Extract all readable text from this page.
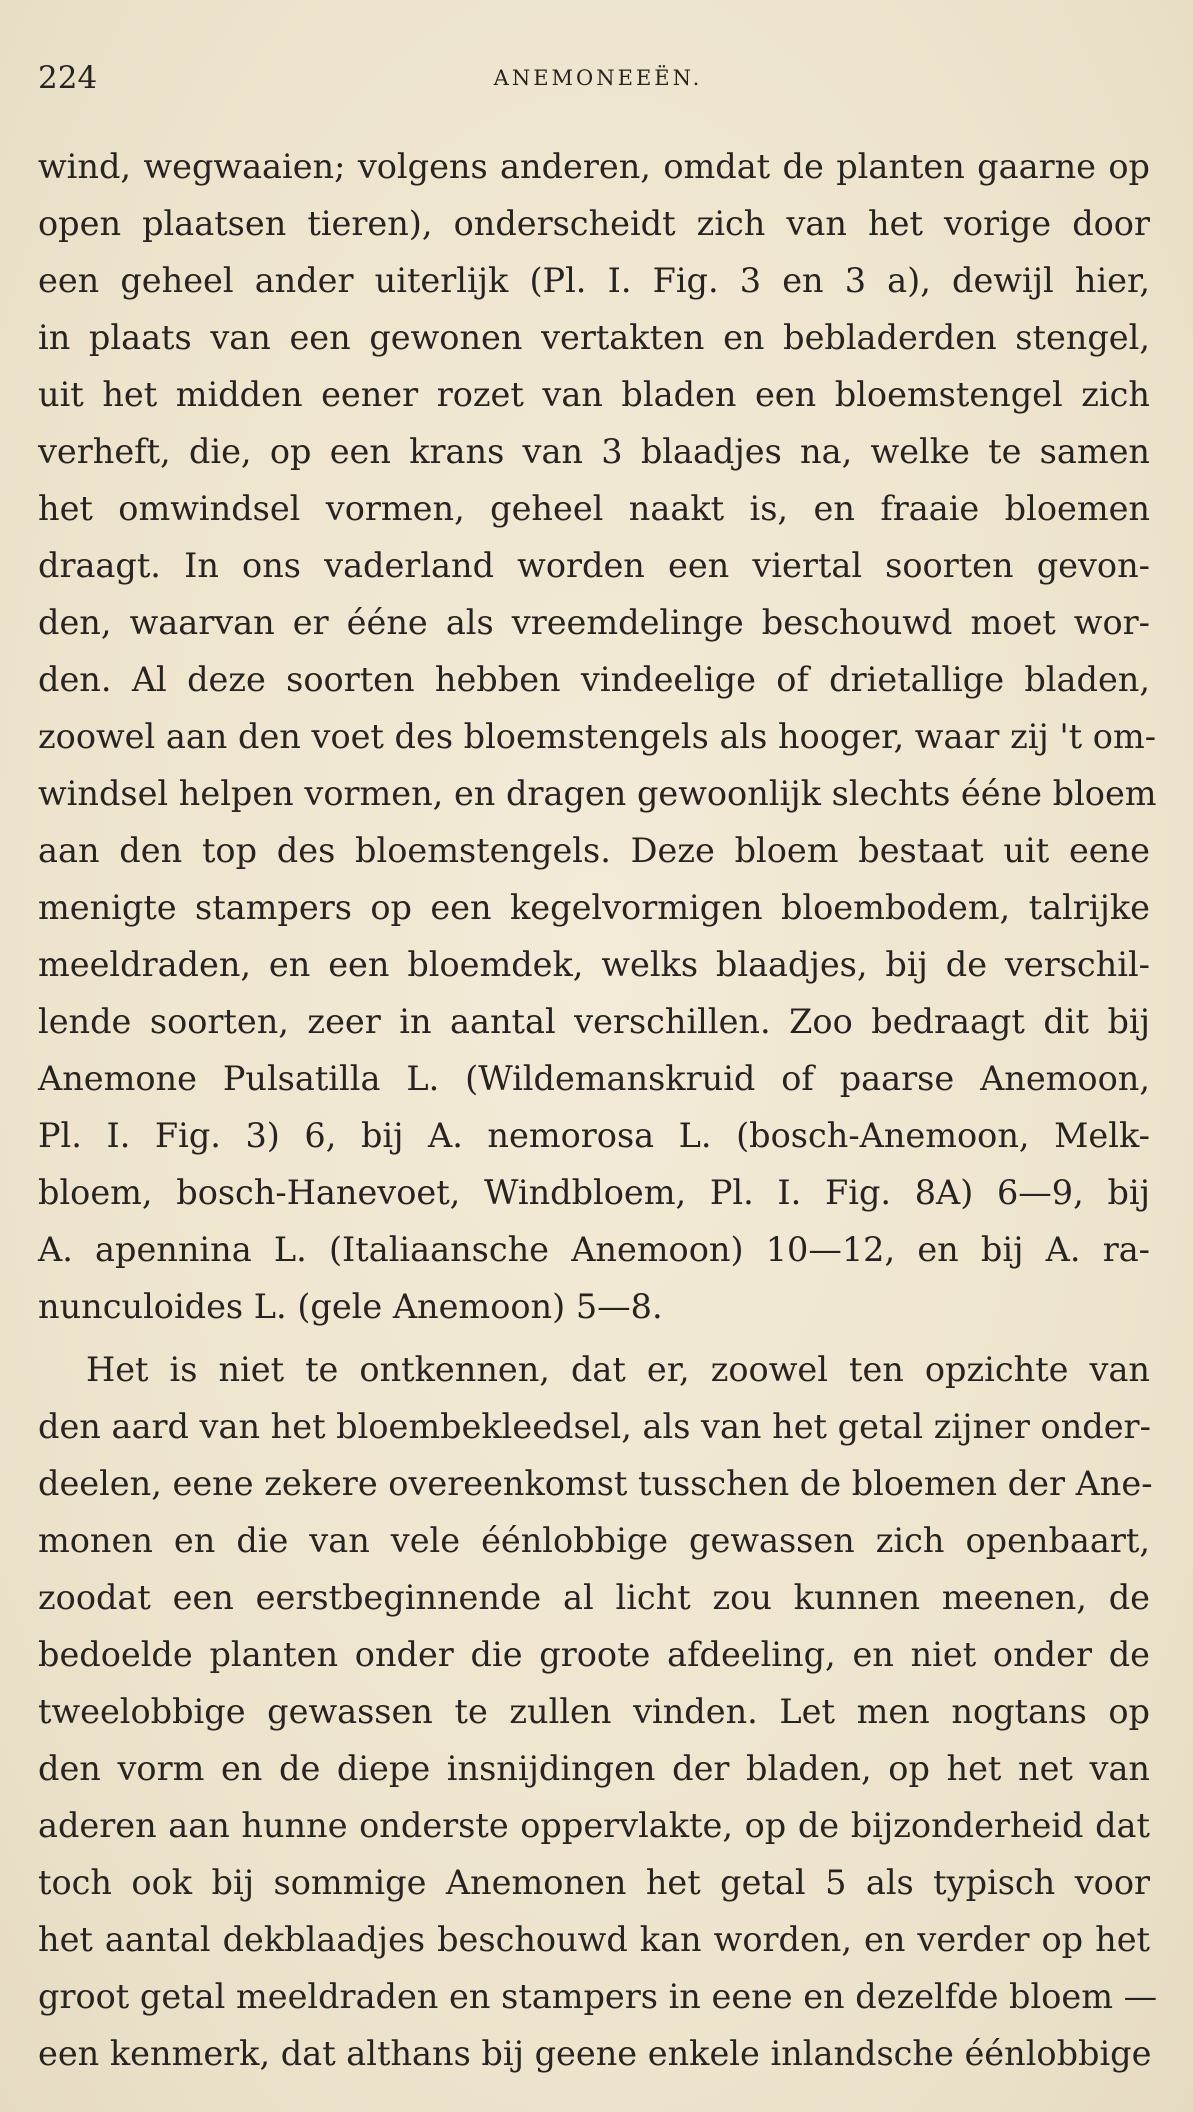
224	ANEMONEEËN.
wind, wegwaaien; volgens anderen, omdat de planten gaarne op
open plaatsen tieren), onderscheidt zich van het vorige door
een geheel ander uiterlijk (Pl. I. Fig. 3 en 3 a), dewijl hier,
in plaats van een gewonen vertakten en bebladerden stengel,
uit het midden eener rozet van bladen een bloemstengel zich
verheft, die, op een krans van 3 blaadjes na, welke te samen
het omwindsel vormen, geheel naakt is, en fraaie bloemen
draagt. In ons vaderland worden een viertal soorten gevon-
den, waarvan er ééne als vreemdelinge beschouwd moet wor-
den. Al deze soorten hebben vindeelige of drietallige bladen,
zoowel aan den voet des bloemstengels als hooger, waar zij 't om-
windsel helpen vormen, en dragen gewoonlijk slechts ééne bloem
aan den top des bloemstengels. Deze bloem bestaat uit eene
menigte stampers op een kegelvormigen bloembodem, talrijke
meeldraden, en een bloemdek, welks blaadjes, bij de verschil-
lende soorten, zeer in aantal verschillen. Zoo bedraagt dit bij
Anemone Pulsatilla L. (Wildemanskruid of paarse Anemoon,
Pl. I. Fig. 3) 6, bij A. nemorosa L. (bosch-Anemoon, Melk-
bloem, bosch-Hanevoet, Windbloem, Pl. I. Fig. 8A) 6—9, bij
A. apennina L. (Italiaansche Anemoon) 10—12, en bij A. ra-
nunculoides L. (gele Anemoon) 5—8.
Het is niet te ontkennen, dat er, zoowel ten opzichte van
den aard van het bloembekleedsel, als van het getal zijner onder-
deelen, eene zekere overeenkomst tusschen de bloemen der Ane-
monen en die van vele éénlobbige gewassen zich openbaart,
zoodat een eerstbeginnende al licht zou kunnen meenen, de
bedoelde planten onder die groote afdeeling, en niet onder de
tweelobbige gewassen te zullen vinden. Let men nogtans op
den vorm en de diepe insnijdingen der bladen, op het net van
aderen aan hunne onderste oppervlakte, op de bijzonderheid dat
toch ook bij sommige Anemonen het getal 5 als typisch voor
het aantal dekblaadjes beschouwd kan worden, en verder op het
groot getal meeldraden en stampers in eene en dezelfde bloem —
een kenmerk, dat althans bij geene enkele inlandsche éénlobbige
